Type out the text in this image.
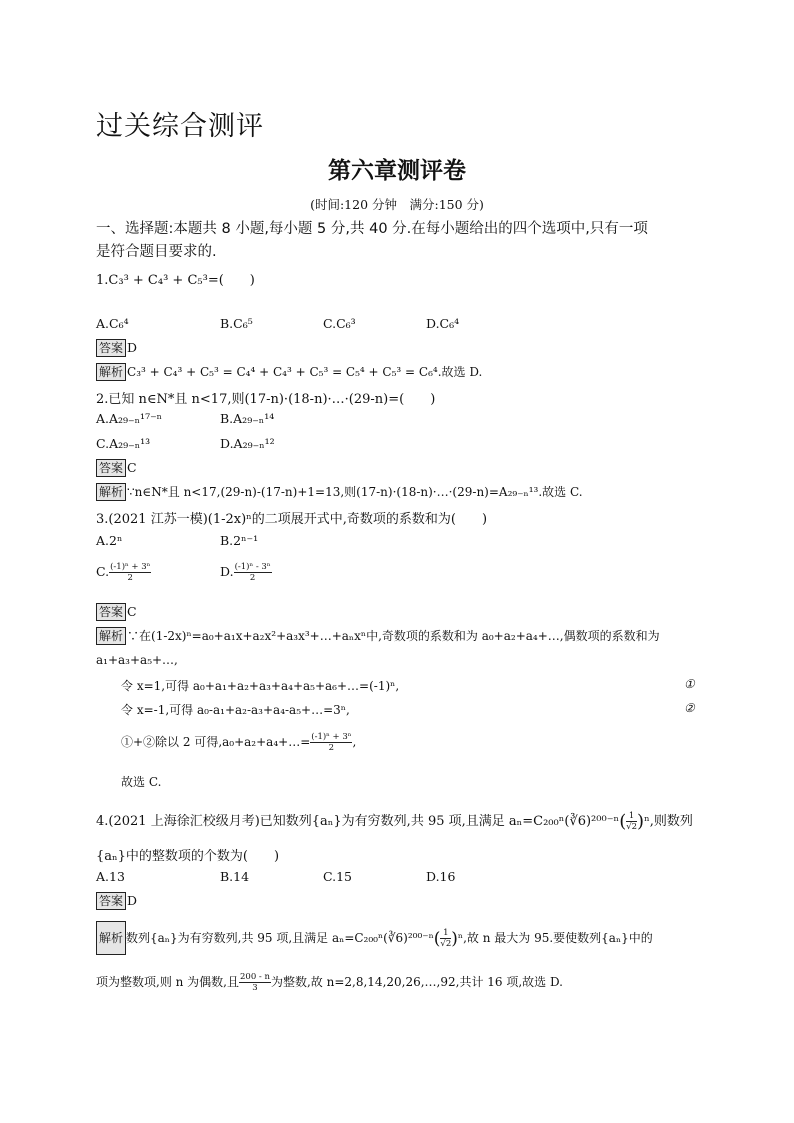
过关综合测评
第六章测评卷
(时间:120 分钟　满分:150 分)
一、选择题:本题共 8 小题,每小题 5 分,共 40 分.在每小题给出的四个选项中,只有一项
是符合题目要求的.
1.C₃³ + C₄³ + C₅³=(　　)
A.C₆⁴	B.C₆⁵	C.C₆³	D.C₆⁴
答案 D
解析 C₃³ + C₄³ + C₅³ = C₄⁴ + C₄³ + C₅³ = C₅⁴ + C₅³ = C₆⁴.故选 D.
2.已知 n∈N*且 n<17,则(17-n)·(18-n)·…·(29-n)=(　　)
A.A₂₉₋ₙ¹⁷⁻ⁿ	B.A₂₉₋ₙ¹⁴
C.A₂₉₋ₙ¹³	D.A₂₉₋ₙ¹²
答案 C
解析 ∵n∈N*且 n<17,(29-n)-(17-n)+1=13,则(17-n)·(18-n)·…·(29-n)=A₂₉₋ₙ¹³.故选 C.
3.(2021 江苏一模)(1-2x)ⁿ的二项展开式中,奇数项的系数和为(　　)
A.2ⁿ	B.2ⁿ⁻¹
C. $\frac{\text{(-1)ⁿ + 3ⁿ}}{2}$	D. $\frac{\text{(-1)ⁿ - 3ⁿ}}{2}$
答案 C
解析 ∵在(1-2x)ⁿ=a₀+a₁x+a₂x²+a₃x³+…+aₙxⁿ中,奇数项的系数和为 a₀+a₂+a₄+…,偶数项的系数和为
a₁+a₃+a₅+…,
令 x=1,可得 a₀+a₁+a₂+a₃+a₄+a₅+a₆+…=(-1)ⁿ,	①
令 x=-1,可得 a₀-a₁+a₂-a₃+a₄-a₅+…=3ⁿ,	②
①+②除以 2 可得,a₀+a₂+a₄+…= $\frac{\text{(-1)ⁿ + 3ⁿ}}{2}$ ,
故选 C.
4.(2021 上海徐汇校级月考)已知数列{aₙ}为有穷数列,共 95 项,且满足 aₙ=C₂₀₀ⁿ(∛6)²⁰⁰⁻ⁿ( $\frac{1}{√2} )^n$,则数列
{aₙ}中的整数项的个数为(　　)
A.13	B.14	C.15	D.16
答案 D
解析 数列{aₙ}为有穷数列,共 95 项,且满足 aₙ=C₂₀₀ⁿ(∛6)²⁰⁰⁻ⁿ( $\frac{1}{√2} )^n$,故 n 最大为 95.要使数列{aₙ}中的
项为整数项,则 n 为偶数,且 $\frac{200 - n}{3}$ 为整数,故 n=2,8,14,20,26,…,92,共计 16 项,故选 D.
